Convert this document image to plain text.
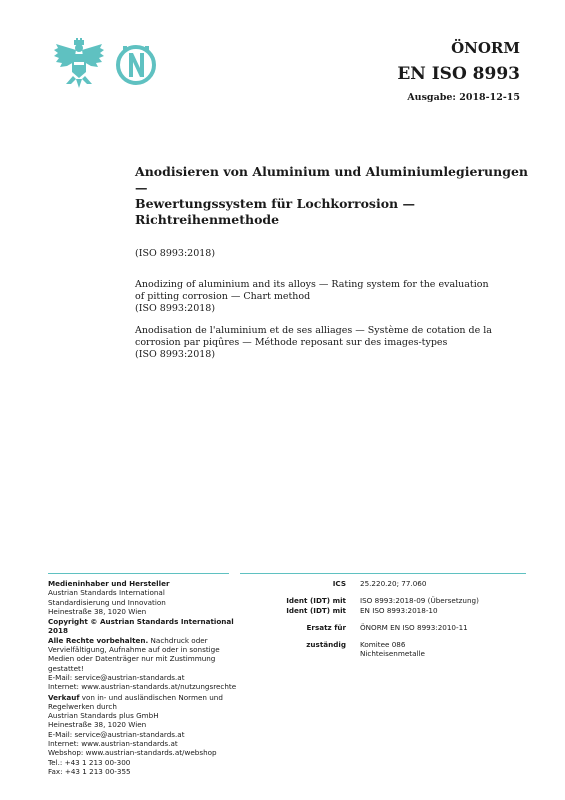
ÖNORM
EN ISO 8993
Ausgabe: 2018-12-15
Anodisieren von Aluminium und Aluminiumlegierungen —
Bewertungssystem für Lochkorrosion — Richtreihenmethode
(ISO 8993:2018)
Anodizing of aluminium and its alloys — Rating system for the evaluation
of pitting corrosion — Chart method
(ISO 8993:2018)
Anodisation de l'aluminium et de ses alliages — Système de cotation de la
corrosion par piqûres — Méthode reposant sur des images-types
(ISO 8993:2018)
Medieninhaber und Hersteller
Austrian Standards International
Standardisierung und Innovation
Heinestraße 38, 1020 Wien
Copyright © Austrian Standards International 2018
Alle Rechte vorbehalten. Nachdruck oder
Vervielfältigung, Aufnahme auf oder in sonstige
Medien oder Datenträger nur mit Zustimmung
gestattet!
E-Mail: service@austrian-standards.at
Internet: www.austrian-standards.at/nutzungsrechte
Verkauf von in- und ausländischen Normen und
Regelwerken durch
Austrian Standards plus GmbH
Heinestraße 38, 1020 Wien
E-Mail: service@austrian-standards.at
Internet: www.austrian-standards.at
Webshop: www.austrian-standards.at/webshop
Tel.: +43 1 213 00-300
Fax: +43 1 213 00-355
ICS	25.220.20; 77.060
Ident (IDT) mit	ISO 8993:2018-09 (Übersetzung)
Ident (IDT) mit	EN ISO 8993:2018-10
Ersatz für	ÖNORM EN ISO 8993:2010-11
zuständig	Komitee 086
Nichteisenmetalle
